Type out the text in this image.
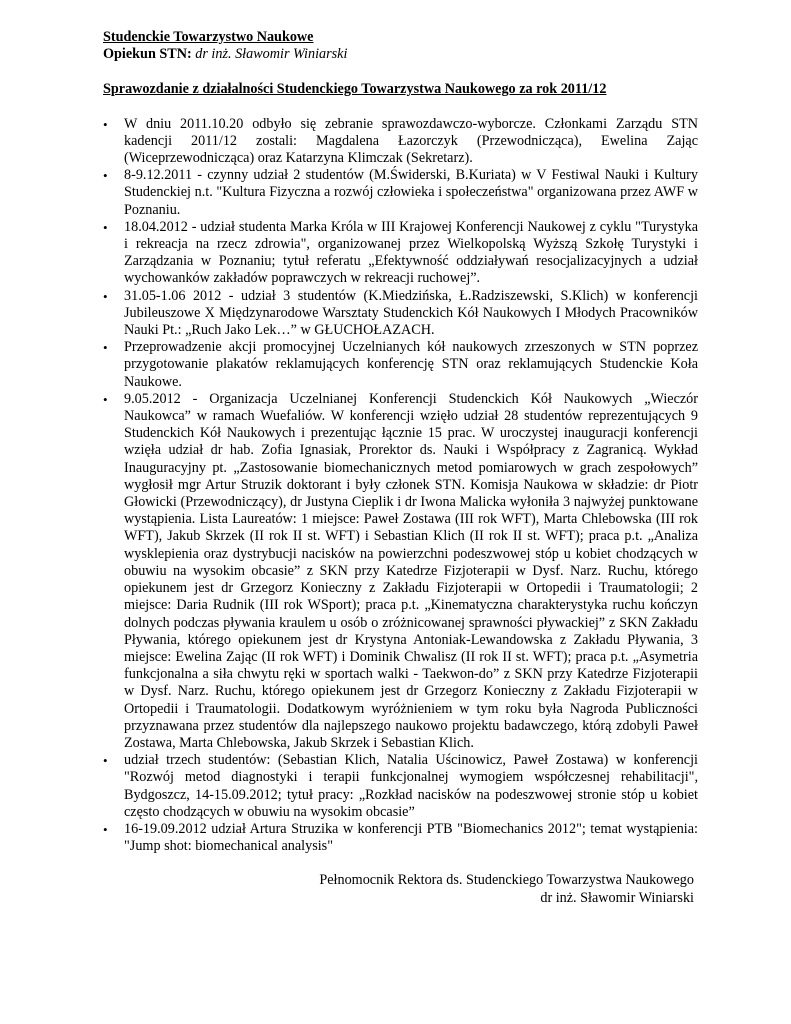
Studenckie Towarzystwo Naukowe
Opiekun STN: dr inż. Sławomir Winiarski
Sprawozdanie z działalności Studenckiego Towarzystwa Naukowego za rok 2011/12
•	W dniu 2011.10.20 odbyło się zebranie sprawozdawczo-wyborcze. Członkami Zarządu STN kadencji 2011/12 zostali: Magdalena Łazorczyk (Przewodnicząca), Ewelina Zając (Wiceprzewodnicząca) oraz Katarzyna Klimczak (Sekretarz).
•	8-9.12.2011 - czynny udział 2 studentów (M.Świderski, B.Kuriata) w V Festiwal Nauki i Kultury Studenckiej n.t. "Kultura Fizyczna a rozwój człowieka i społeczeństwa" organizowana przez AWF w Poznaniu.
•	18.04.2012 - udział studenta Marka Króla w III Krajowej Konferencji Naukowej z cyklu "Turystyka i rekreacja na rzecz zdrowia", organizowanej przez Wielkopolską Wyższą Szkołę Turystyki i Zarządzania w Poznaniu; tytuł referatu „Efektywność oddziaływań resocjalizacyjnych a udział wychowanków zakładów poprawczych w rekreacji ruchowej”.
•	31.05-1.06 2012 - udział 3 studentów (K.Miedzińska, Ł.Radziszewski, S.Klich) w konferencji Jubileuszowe X Międzynarodowe Warsztaty Studenckich Kół Naukowych I Młodych Pracowników Nauki Pt.: „Ruch Jako Lek…” w GŁUCHOŁAZACH.
•	Przeprowadzenie akcji promocyjnej Uczelnianych kół naukowych zrzeszonych w STN poprzez przygotowanie plakatów reklamujących konferencję STN oraz reklamujących Studenckie Koła Naukowe.
•	9.05.2012 - Organizacja Uczelnianej Konferencji Studenckich Kół Naukowych „Wieczór Naukowca” w ramach Wuefaliów. W konferencji wzięło udział 28 studentów reprezentujących 9 Studenckich Kół Naukowych i prezentując łącznie 15 prac. W uroczystej inauguracji konferencji wzięła udział dr hab. Zofia Ignasiak, Prorektor ds. Nauki i Współpracy z Zagranicą. Wykład Inauguracyjny pt. „Zastosowanie biomechanicznych metod pomiarowych w grach zespołowych” wygłosił mgr Artur Struzik doktorant i były członek STN. Komisja Naukowa w składzie: dr Piotr Głowicki (Przewodniczący), dr Justyna Cieplik i dr Iwona Malicka wyłoniła 3 najwyżej punktowane wystąpienia. Lista Laureatów: 1 miejsce: Paweł Zostawa (III rok WFT), Marta Chlebowska (III rok WFT), Jakub Skrzek (II rok II st. WFT) i Sebastian Klich (II rok II st. WFT); praca p.t. „Analiza wysklepienia oraz dystrybucji nacisków na powierzchni podeszwowej stóp u kobiet chodzących w obuwiu na wysokim obcasie” z SKN przy Katedrze Fizjoterapii w Dysf. Narz. Ruchu, którego opiekunem jest dr Grzegorz Konieczny z Zakładu Fizjoterapii w Ortopedii i Traumatologii; 2 miejsce: Daria Rudnik (III rok WSport); praca p.t. „Kinematyczna charakterystyka ruchu kończyn dolnych podczas pływania kraulem u osób o zróżnicowanej sprawności pływackiej” z SKN Zakładu Pływania, którego opiekunem jest dr Krystyna Antoniak-Lewandowska z Zakładu Pływania, 3 miejsce: Ewelina Zając (II rok WFT) i Dominik Chwalisz (II rok II st. WFT); praca p.t. „Asymetria funkcjonalna a siła chwytu ręki w sportach walki - Taekwon-do” z SKN przy Katedrze Fizjoterapii w Dysf. Narz. Ruchu, którego opiekunem jest dr Grzegorz Konieczny z Zakładu Fizjoterapii w Ortopedii i Traumatologii. Dodatkowym wyróżnieniem w tym roku była Nagroda Publiczności przyznawana przez studentów dla najlepszego naukowo projektu badawczego, którą zdobyli Paweł Zostawa, Marta Chlebowska, Jakub Skrzek i Sebastian Klich.
•	udział trzech studentów: (Sebastian Klich, Natalia Uścinowicz, Paweł Zostawa) w konferencji "Rozwój metod diagnostyki i terapii funkcjonalnej wymogiem współczesnej rehabilitacji", Bydgoszcz, 14-15.09.2012; tytuł pracy: „Rozkład nacisków na podeszwowej stronie stóp u kobiet często chodzących w obuwiu na wysokim obcasie”
•	16-19.09.2012 udział Artura Struzika w konferencji PTB "Biomechanics 2012"; temat wystąpienia: "Jump shot: biomechanical analysis"
Pełnomocnik Rektora ds. Studenckiego Towarzystwa Naukowego
dr inż. Sławomir Winiarski
